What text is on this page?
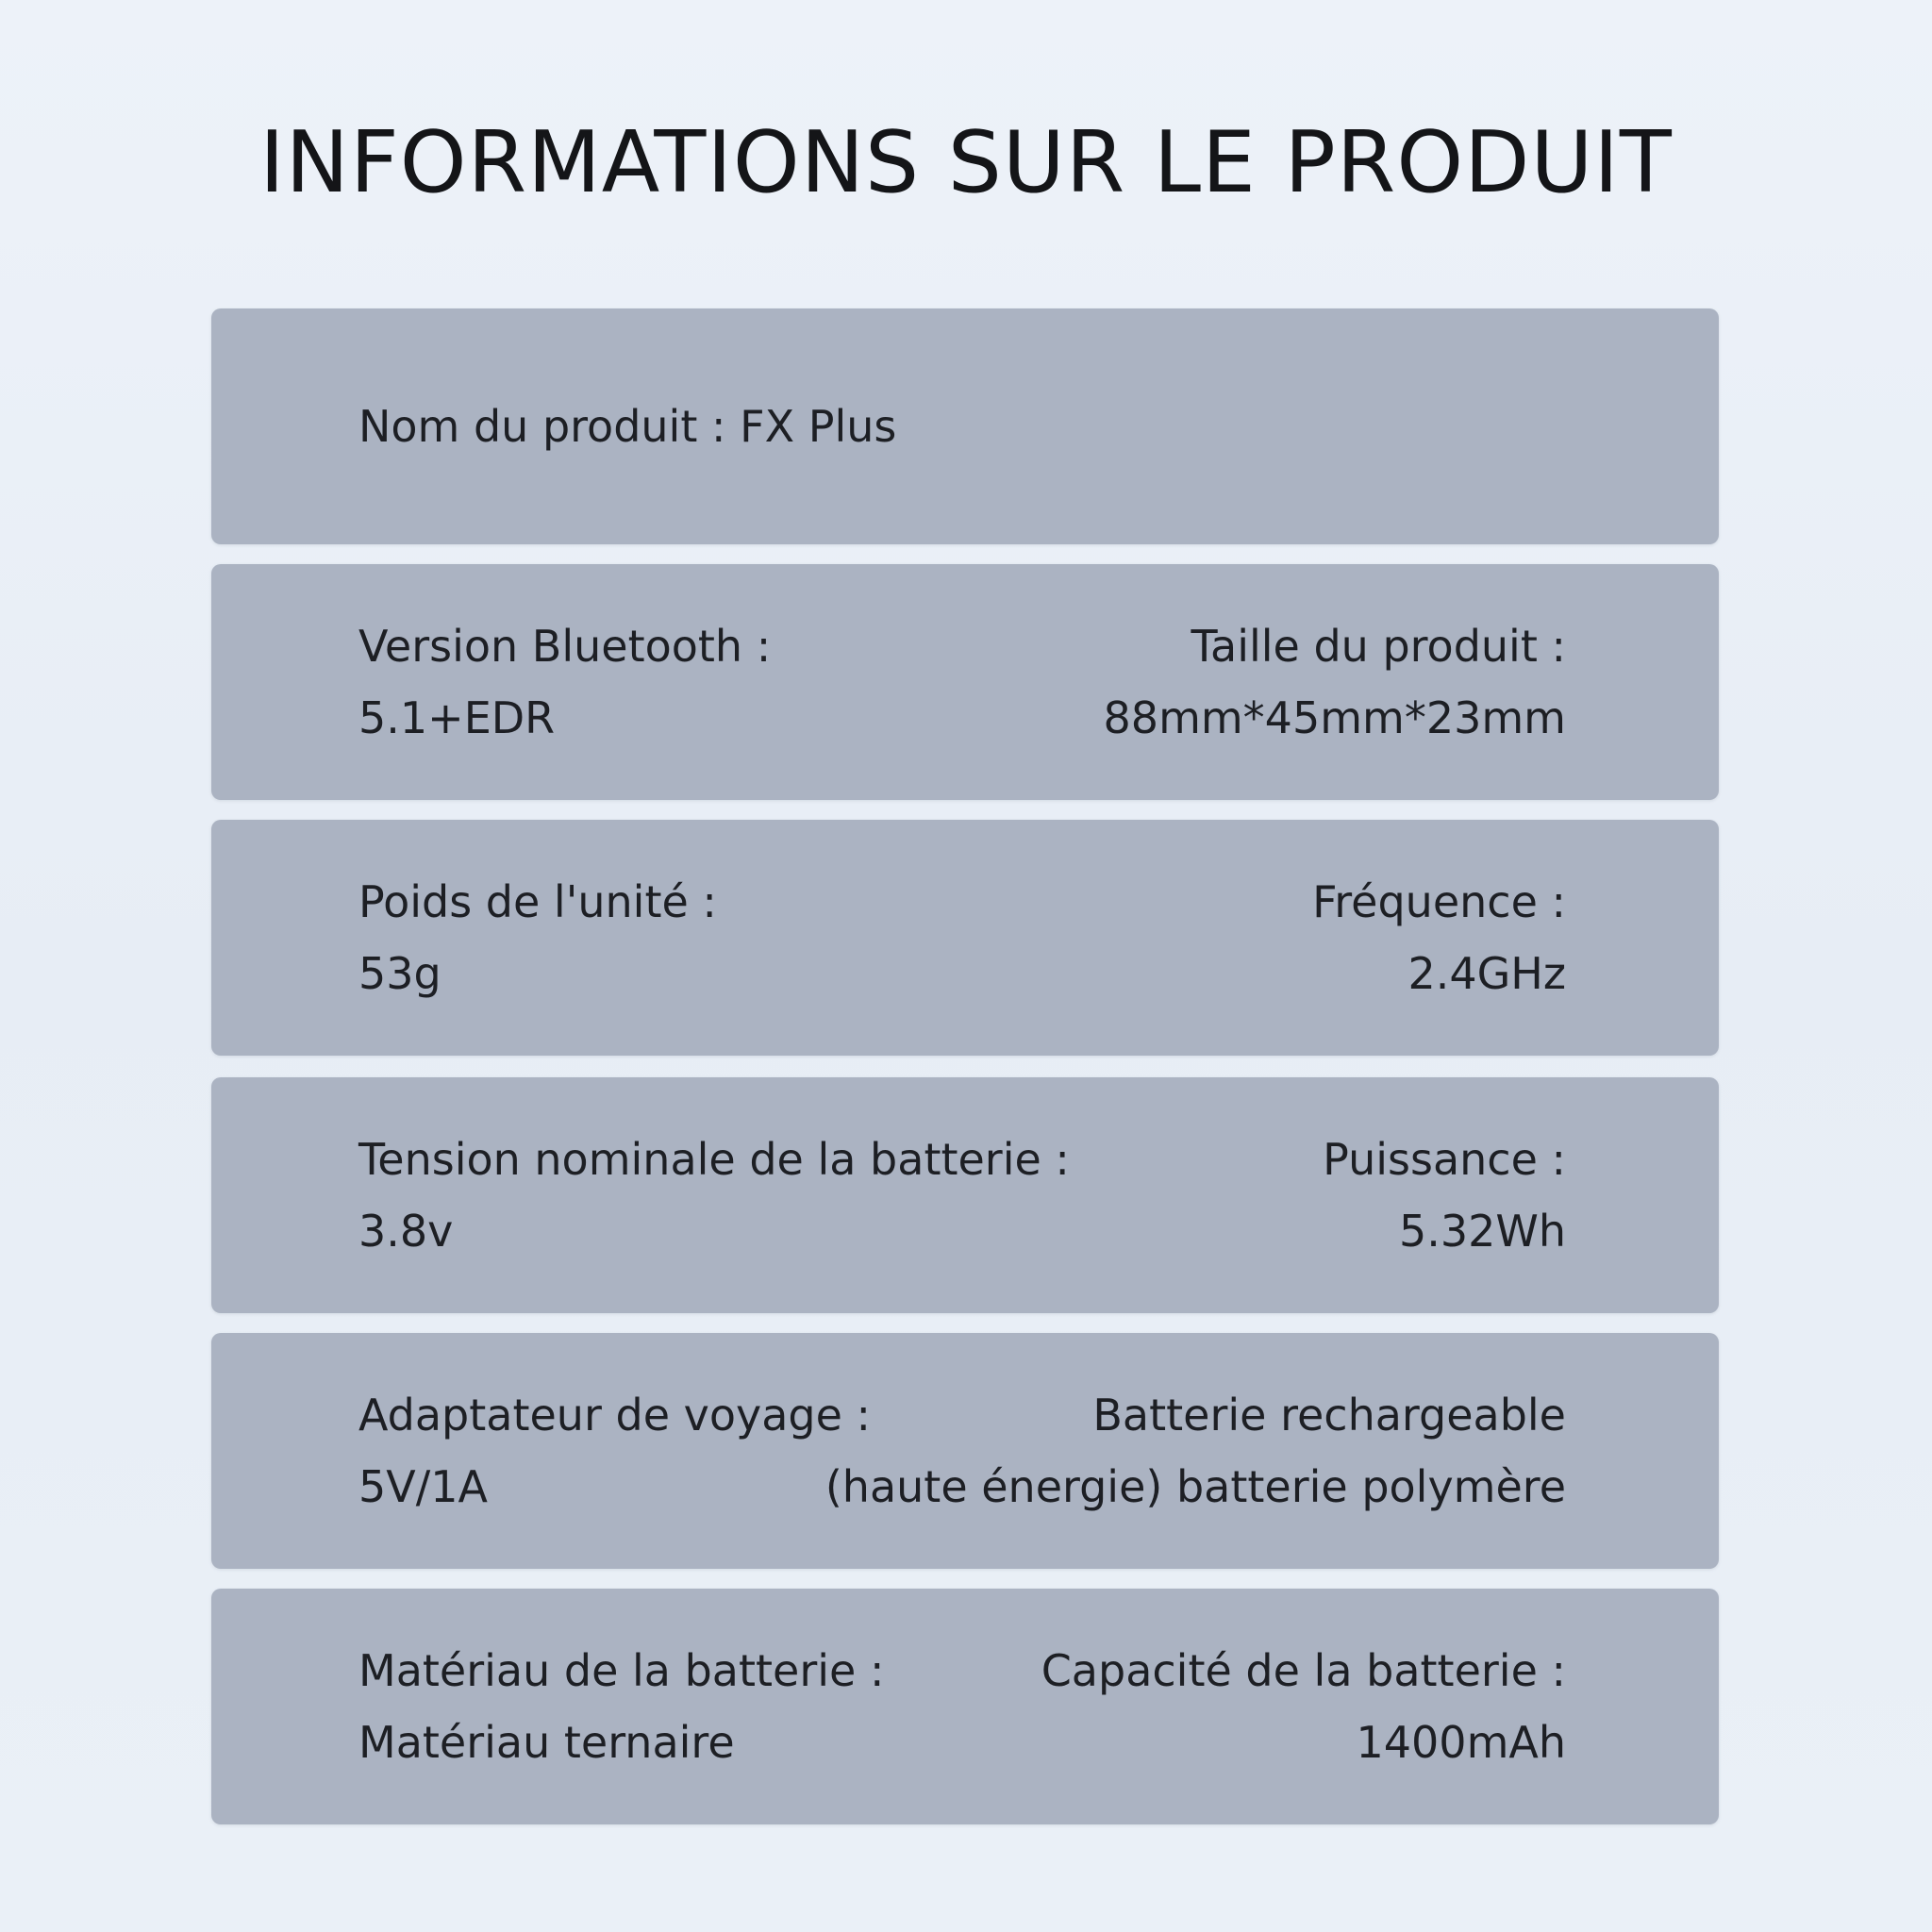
INFORMATIONS SUR LE PRODUIT
Nom du produit : FX Plus
Version Bluetooth :
5.1+EDR
Taille du produit :
88mm*45mm*23mm
Poids de l'unité :
53g
Fréquence :
2.4GHz
Tension nominale de la batterie :
3.8v
Puissance :
5.32Wh
Adaptateur de voyage :
5V/1A
Batterie rechargeable
(haute énergie) batterie polymère
Matériau de la batterie :
Matériau ternaire
Capacité de la batterie :
1400mAh
